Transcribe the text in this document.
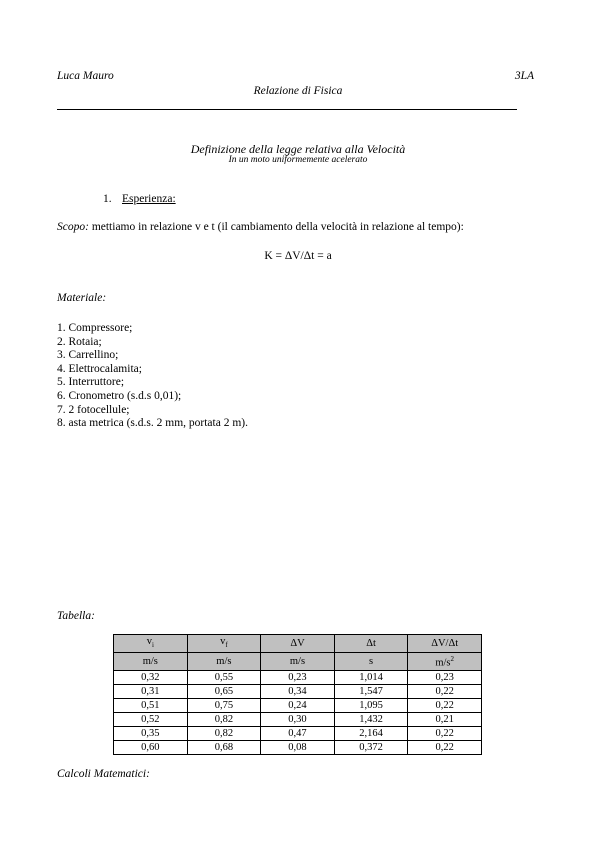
Luca Mauro	3LA
Relazione di Fisica
Definizione della legge relativa alla Velocità
In un moto uniformemente acelerato
1. Esperienza:
Scopo: mettiamo in relazione v e t (il cambiamento della velocità in relazione al tempo):
K = ΔV/Δt = a
Materiale:
1. Compressore;
2. Rotaia;
3. Carrellino;
4. Elettrocalamita;
5. Interruttore;
6. Cronometro (s.d.s 0,01);
7. 2 fotocellule;
8. asta metrica (s.d.s. 2 mm, portata 2 m).
Tabella:
$v_i$	$v_f$	ΔV	Δt	ΔV/Δt
m/s	m/s	m/s	s	$m/s^2$
0,32	0,55	0,23	1,014	0,23
0,31	0,65	0,34	1,547	0,22
0,51	0,75	0,24	1,095	0,22
0,52	0,82	0,30	1,432	0,21
0,35	0,82	0,47	2,164	0,22
0,60	0,68	0,08	0,372	0,22
Calcoli Matematici:
